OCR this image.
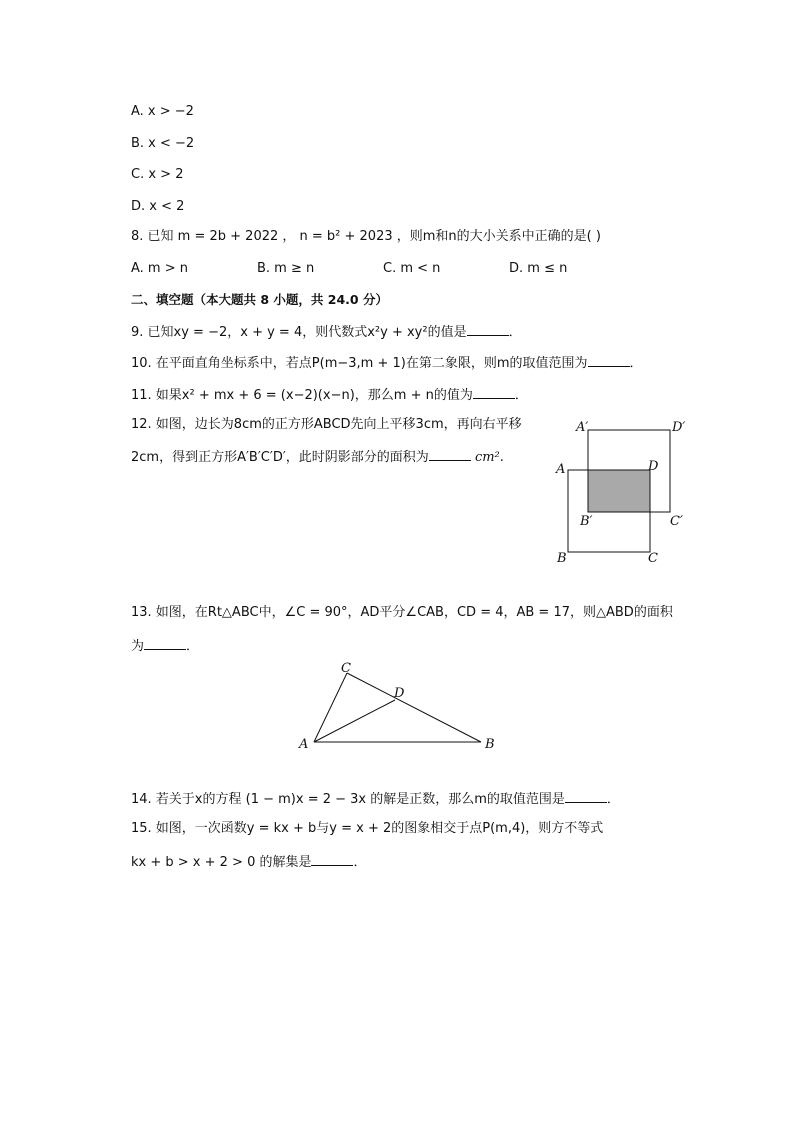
A. x > −2
B. x < −2
C. x > 2
D. x < 2
8. 已知 m = 2b + 2022 ， n = b² + 2023 ，则m和n的大小关系中正确的是( )
A. m > n	B. m ≥ n	C. m < n	D. m ≤ n
二、填空题（本大题共 8 小题，共 24.0 分）
9. 已知xy = −2，x + y = 4，则代数式x²y + xy²的值是	．
10. 在平面直角坐标系中，若点P(m−3,m + 1)在第二象限，则m的取值范围为	．
11. 如果x² + mx + 6 = (x−2)(x−n)，那么m + n的值为	．
12. 如图，边长为8cm的正方形ABCD先向上平移3cm，再向右平移
2cm，得到正方形A′B′C′D′，此时阴影部分的面积为	cm².
A′	D′
A	D
B′	C′
B	C
13. 如图，在Rt△ABC中，∠C = 90°，AD平分∠CAB，CD = 4，AB = 17，则△ABD的面积
为	．
C
D
A	B
14. 若关于x的方程 (1 − m)x = 2 − 3x 的解是正数，那么m的取值范围是	．
15. 如图，一次函数y = kx + b与y = x + 2的图象相交于点P(m,4)，则方不等式
kx + b > x + 2 > 0 的解集是	．
